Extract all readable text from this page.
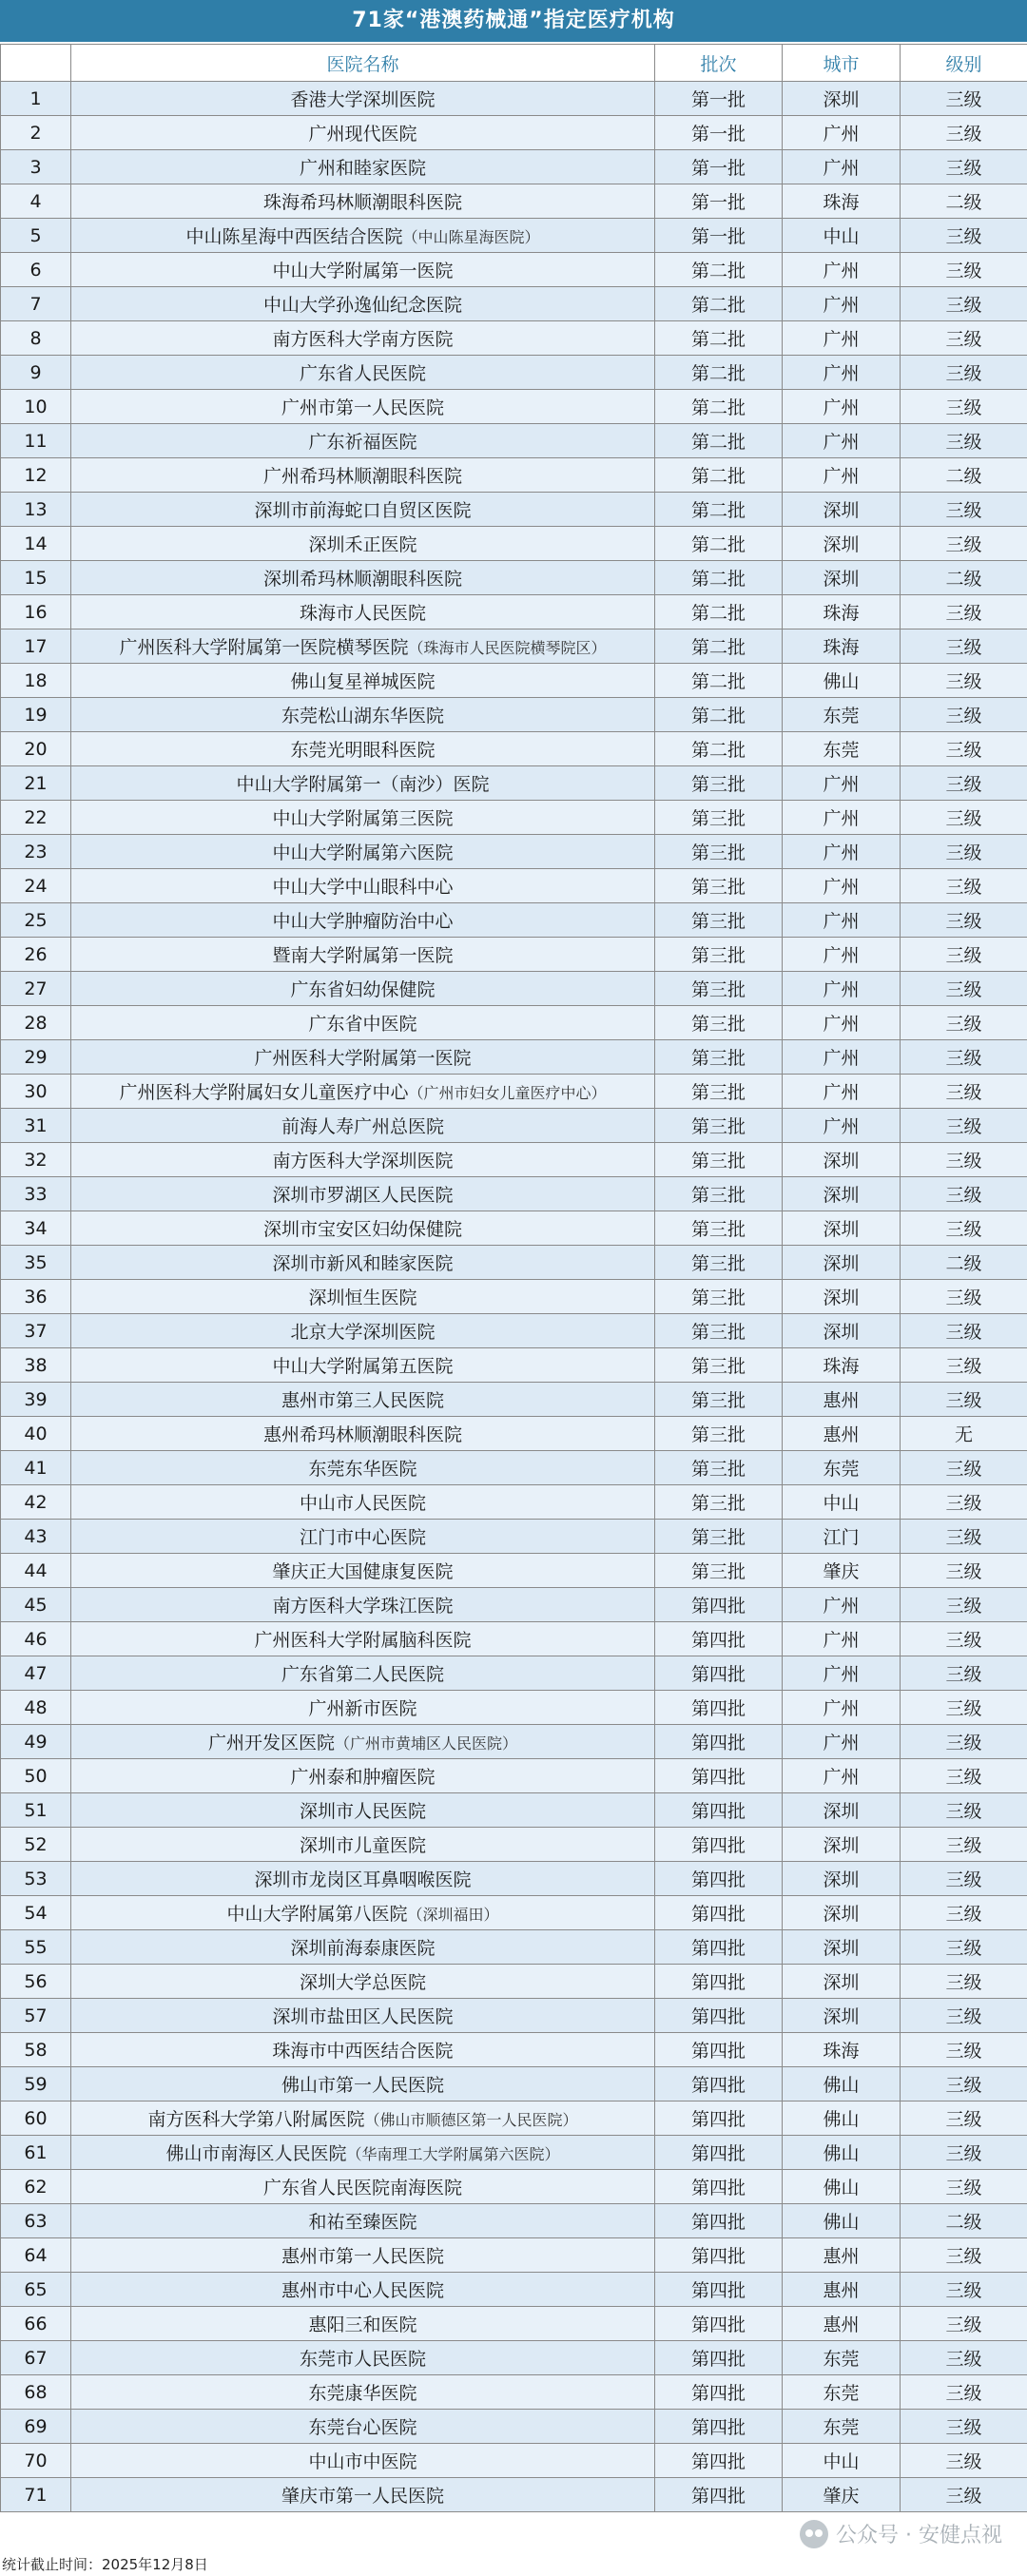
71家“港澳药械通”指定医疗机构
	医院名称	批次	城市	级别
1	香港大学深圳医院	第一批	深圳	三级
2	广州现代医院	第一批	广州	三级
3	广州和睦家医院	第一批	广州	三级
4	珠海希玛林顺潮眼科医院	第一批	珠海	二级
5	中山陈星海中西医结合医院（中山陈星海医院）	第一批	中山	三级
6	中山大学附属第一医院	第二批	广州	三级
7	中山大学孙逸仙纪念医院	第二批	广州	三级
8	南方医科大学南方医院	第二批	广州	三级
9	广东省人民医院	第二批	广州	三级
10	广州市第一人民医院	第二批	广州	三级
11	广东祈福医院	第二批	广州	三级
12	广州希玛林顺潮眼科医院	第二批	广州	二级
13	深圳市前海蛇口自贸区医院	第二批	深圳	三级
14	深圳禾正医院	第二批	深圳	三级
15	深圳希玛林顺潮眼科医院	第二批	深圳	二级
16	珠海市人民医院	第二批	珠海	三级
17	广州医科大学附属第一医院横琴医院（珠海市人民医院横琴院区）	第二批	珠海	三级
18	佛山复星禅城医院	第二批	佛山	三级
19	东莞松山湖东华医院	第二批	东莞	三级
20	东莞光明眼科医院	第二批	东莞	三级
21	中山大学附属第一（南沙）医院	第三批	广州	三级
22	中山大学附属第三医院	第三批	广州	三级
23	中山大学附属第六医院	第三批	广州	三级
24	中山大学中山眼科中心	第三批	广州	三级
25	中山大学肿瘤防治中心	第三批	广州	三级
26	暨南大学附属第一医院	第三批	广州	三级
27	广东省妇幼保健院	第三批	广州	三级
28	广东省中医院	第三批	广州	三级
29	广州医科大学附属第一医院	第三批	广州	三级
30	广州医科大学附属妇女儿童医疗中心（广州市妇女儿童医疗中心）	第三批	广州	三级
31	前海人寿广州总医院	第三批	广州	三级
32	南方医科大学深圳医院	第三批	深圳	三级
33	深圳市罗湖区人民医院	第三批	深圳	三级
34	深圳市宝安区妇幼保健院	第三批	深圳	三级
35	深圳市新风和睦家医院	第三批	深圳	二级
36	深圳恒生医院	第三批	深圳	三级
37	北京大学深圳医院	第三批	深圳	三级
38	中山大学附属第五医院	第三批	珠海	三级
39	惠州市第三人民医院	第三批	惠州	三级
40	惠州希玛林顺潮眼科医院	第三批	惠州	无
41	东莞东华医院	第三批	东莞	三级
42	中山市人民医院	第三批	中山	三级
43	江门市中心医院	第三批	江门	三级
44	肇庆正大国健康复医院	第三批	肇庆	三级
45	南方医科大学珠江医院	第四批	广州	三级
46	广州医科大学附属脑科医院	第四批	广州	三级
47	广东省第二人民医院	第四批	广州	三级
48	广州新市医院	第四批	广州	三级
49	广州开发区医院（广州市黄埔区人民医院）	第四批	广州	三级
50	广州泰和肿瘤医院	第四批	广州	三级
51	深圳市人民医院	第四批	深圳	三级
52	深圳市儿童医院	第四批	深圳	三级
53	深圳市龙岗区耳鼻咽喉医院	第四批	深圳	三级
54	中山大学附属第八医院（深圳福田）	第四批	深圳	三级
55	深圳前海泰康医院	第四批	深圳	三级
56	深圳大学总医院	第四批	深圳	三级
57	深圳市盐田区人民医院	第四批	深圳	三级
58	珠海市中西医结合医院	第四批	珠海	三级
59	佛山市第一人民医院	第四批	佛山	三级
60	南方医科大学第八附属医院（佛山市顺德区第一人民医院）	第四批	佛山	三级
61	佛山市南海区人民医院（华南理工大学附属第六医院）	第四批	佛山	三级
62	广东省人民医院南海医院	第四批	佛山	三级
63	和祐至臻医院	第四批	佛山	二级
64	惠州市第一人民医院	第四批	惠州	三级
65	惠州市中心人民医院	第四批	惠州	三级
66	惠阳三和医院	第四批	惠州	三级
67	东莞市人民医院	第四批	东莞	三级
68	东莞康华医院	第四批	东莞	三级
69	东莞台心医院	第四批	东莞	三级
70	中山市中医院	第四批	中山	三级
71	肇庆市第一人民医院	第四批	肇庆	三级
公众号 · 安健点视
统计截止时间：2025年12月8日
